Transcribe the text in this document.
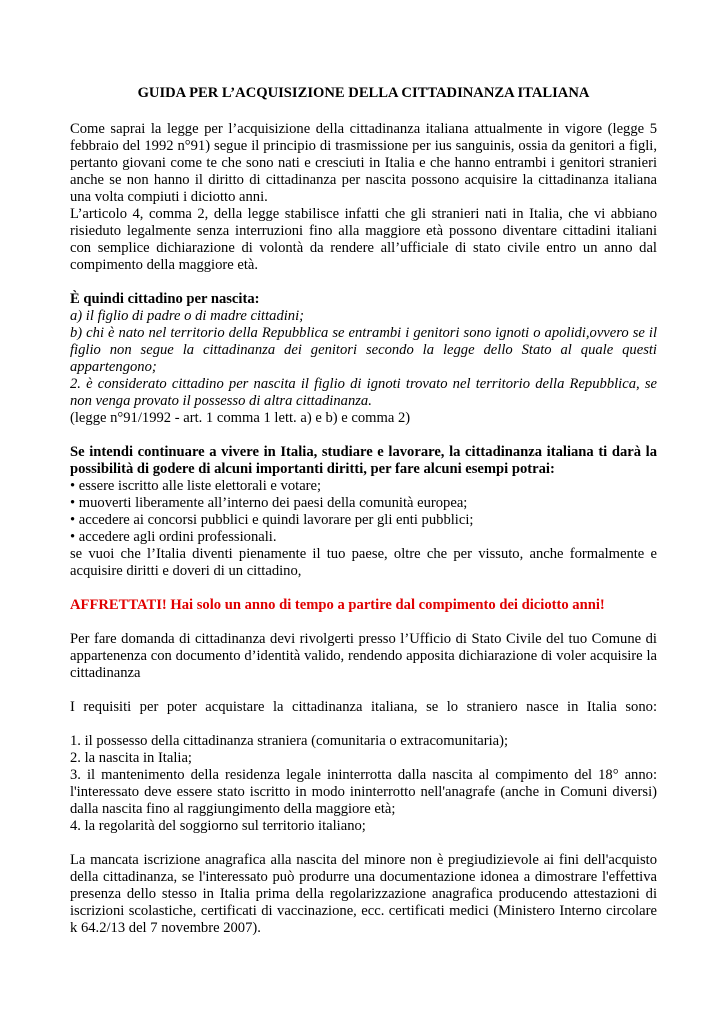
GUIDA PER L’ACQUISIZIONE DELLA CITTADINANZA ITALIANA

Come saprai la legge per l’acquisizione della cittadinanza italiana attualmente in vigore (legge 5 febbraio del 1992 n°91) segue il principio di trasmissione per ius sanguinis, ossia da genitori a figli, pertanto giovani come te che sono nati e cresciuti in Italia e che hanno entrambi i genitori stranieri anche se non hanno il diritto di cittadinanza per nascita possono acquisire la cittadinanza italiana una volta compiuti i diciotto anni.

L’articolo 4, comma 2, della legge stabilisce infatti che gli stranieri nati in Italia, che vi abbiano risieduto legalmente senza interruzioni fino alla maggiore età possono diventare cittadini italiani con semplice dichiarazione di volontà da rendere all’ufficiale di stato civile entro un anno dal compimento della maggiore età.

È quindi cittadino per nascita:

a) il figlio di padre o di madre cittadini;

b) chi è nato nel territorio della Repubblica se entrambi i genitori sono ignoti o apolidi,ovvero se il figlio non segue la cittadinanza dei genitori secondo la legge dello Stato al quale questi appartengono;

2. è considerato cittadino per nascita il figlio di ignoti trovato nel territorio della Repubblica, se non venga provato il possesso di altra cittadinanza.

(legge n°91/1992 - art. 1 comma 1 lett. a) e b) e comma 2)

Se intendi continuare a vivere in Italia, studiare e lavorare, la cittadinanza italiana ti darà la possibilità di godere di alcuni importanti diritti, per fare alcuni esempi potrai:

• essere iscritto alle liste elettorali e votare;

• muoverti liberamente all’interno dei paesi della comunità europea;

• accedere ai concorsi pubblici e quindi lavorare per gli enti pubblici;

• accedere agli ordini professionali.

se vuoi che l’Italia diventi pienamente il tuo paese, oltre che per vissuto, anche formalmente e acquisire diritti e doveri di un cittadino,

AFFRETTATI! Hai solo un anno di tempo a partire dal compimento dei diciotto anni!

Per fare domanda di cittadinanza devi rivolgerti presso l’Ufficio di Stato Civile del tuo Comune di appartenenza con documento d’identità valido, rendendo apposita dichiarazione di voler acquisire la cittadinanza

I requisiti per poter acquistare la cittadinanza italiana, se lo straniero nasce in Italia sono:

1. il possesso della cittadinanza straniera (comunitaria o extracomunitaria);

2. la nascita in Italia;

3. il mantenimento della residenza legale ininterrotta dalla nascita al compimento del 18° anno: l'interessato deve essere stato iscritto in modo ininterrotto nell'anagrafe (anche in Comuni diversi) dalla nascita fino al raggiungimento della maggiore età;

4. la regolarità del soggiorno sul territorio italiano;

La mancata iscrizione anagrafica alla nascita del minore non è pregiudizievole ai fini dell'acquisto della cittadinanza, se l'interessato può produrre una documentazione idonea a dimostrare l'effettiva presenza dello stesso in Italia prima della regolarizzazione anagrafica producendo attestazioni di iscrizioni scolastiche, certificati di vaccinazione, ecc. certificati medici (Ministero Interno circolare k 64.2/13 del 7 novembre 2007).
